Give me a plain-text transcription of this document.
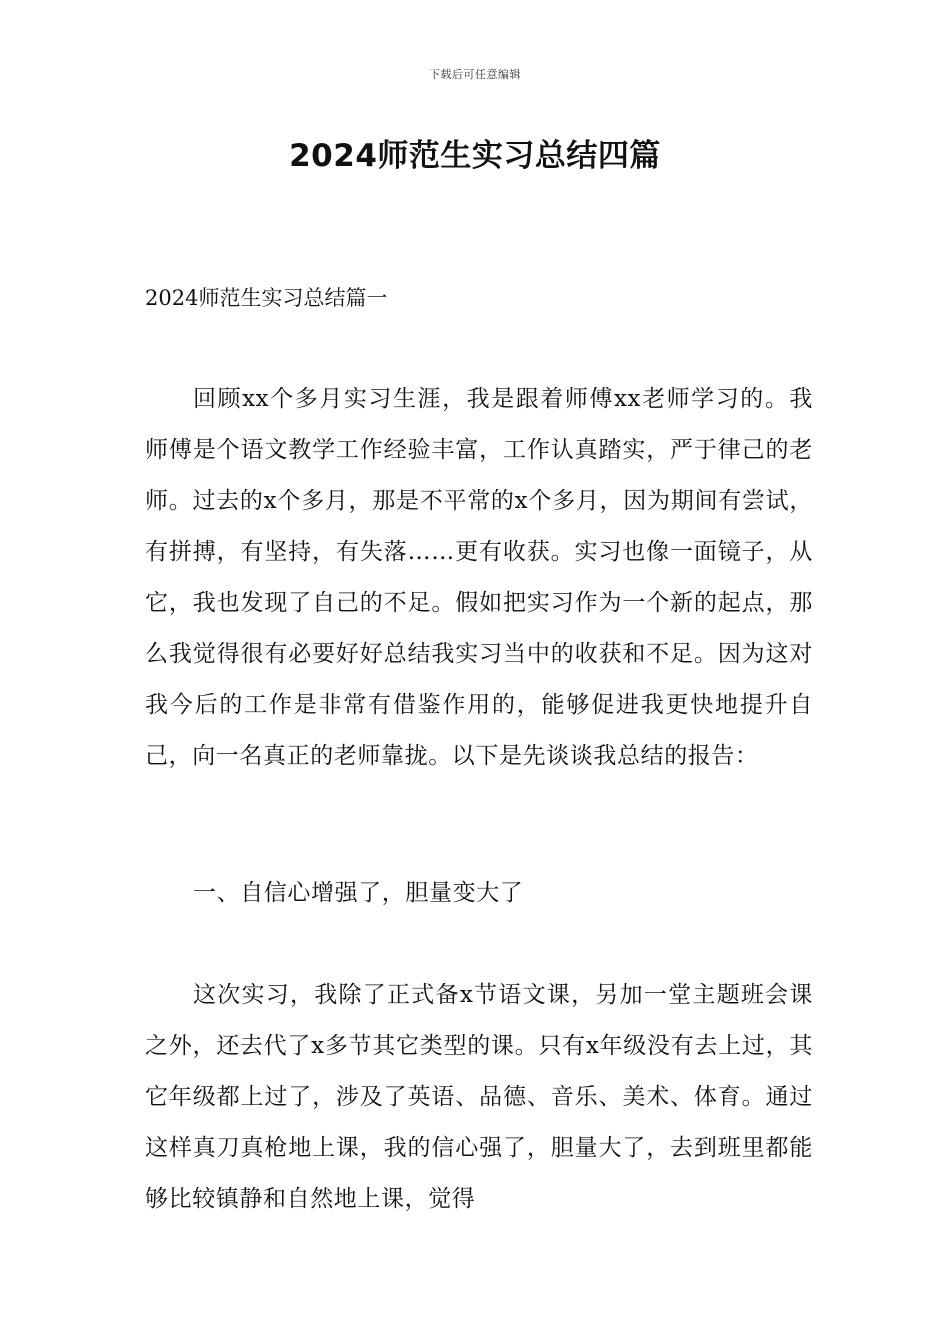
下载后可任意编辑
2024师范生实习总结四篇
2024师范生实习总结篇一

回顾xx个多月实习生涯，我是跟着师傅xx老师学习的。我师傅是个语文教学工作经验丰富，工作认真踏实，严于律己的老师。过去的x个多月，那是不平常的x个多月，因为期间有尝试，有拼搏，有坚持，有失落……更有收获。实习也像一面镜子，从它，我也发现了自己的不足。假如把实习作为一个新的起点，那么我觉得很有必要好好总结我实习当中的收获和不足。因为这对我今后的工作是非常有借鉴作用的，能够促进我更快地提升自己，向一名真正的老师靠拢。以下是先谈谈我总结的报告：

一、自信心增强了，胆量变大了

这次实习，我除了正式备x节语文课，另加一堂主题班会课之外，还去代了x多节其它类型的课。只有x年级没有去上过，其它年级都上过了，涉及了英语、品德、音乐、美术、体育。通过这样真刀真枪地上课，我的信心强了，胆量大了，去到班里都能够比较镇静和自然地上课，觉得
